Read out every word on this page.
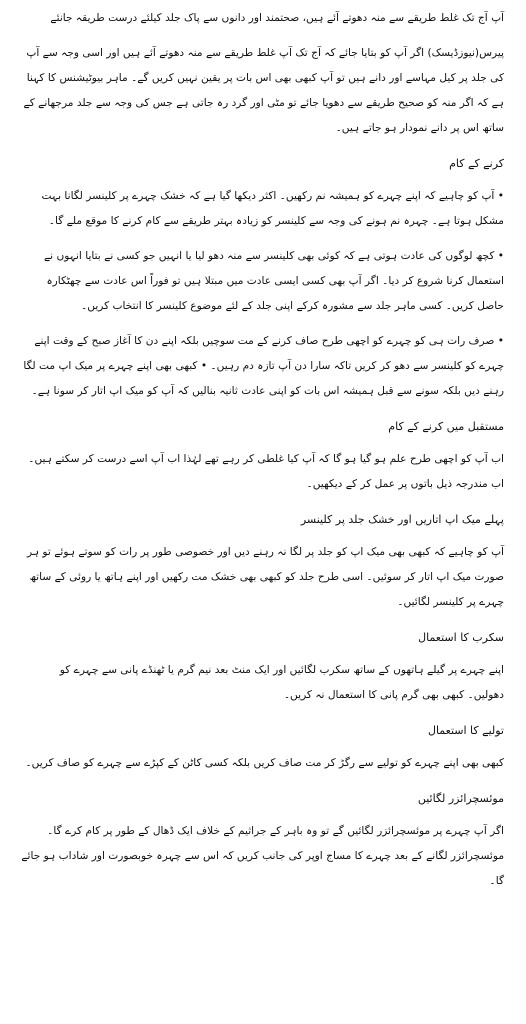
آپ آج تک غلط طریقے سے منہ دھوتے آئے ہیں، صحتمند اور دانوں سے پاک جلد کیلئے درست طریقہ جانئے

پیرس(نیوزڈیسک) اگر آپ کو بتایا جائے کہ آج تک آپ غلط طریقے سے منہ دھوتے آئے ہیں اور اسی وجہ سے آپ کی جلد پر کیل مہاسے اور دانے ہیں تو آپ کبھی بھی اس بات پر یقین نہیں کریں گے۔ ماہر بیوٹیشنس کا کہنا ہے کہ اگر منہ کو صحیح طریقے سے دھویا جائے تو مٹی اور گرد رہ جاتی ہے جس کی وجہ سے جلد مرجھانے کے ساتھ اس پر دانے نمودار ہو جاتے ہیں۔

کرنے کے کام

• آپ کو چاہیے کہ اپنے چہرے کو ہمیشہ نم رکھیں۔ اکثر دیکھا گیا ہے کہ خشک چہرے پر کلینسر لگانا بہت مشکل ہوتا ہے۔ چہرہ نم ہونے کی وجہ سے کلینسر کو زیادہ بہتر طریقے سے کام کرنے کا موقع ملے گا۔

• کچھ لوگوں کی عادت ہوتی ہے کہ کوئی بھی کلینسر سے منہ دھو لیا یا انہیں جو کسی نے بتایا انہوں نے استعمال کرنا شروع کر دیا۔ اگر آپ بھی کسی ایسی عادت میں مبتلا ہیں تو فوراً اس عادت سے چھٹکارہ حاصل کریں۔ کسی ماہر جلد سے مشورہ کرکے اپنی جلد کے لئے موضوع کلینسر کا انتخاب کریں۔

• صرف رات ہی کو چہرے کو اچھی طرح صاف کرنے کے مت سوچیں بلکہ اپنے دن کا آغاز صبح کے وقت اپنے چہرے کو کلینسر سے دھو کر کریں تاکہ سارا دن آپ تازہ دم رہیں۔ • کبھی بھی اپنے چہرے پر میک اپ مت لگا رہنے دیں بلکہ سونے سے قبل ہمیشہ اس بات کو اپنی عادت ثانیہ بنالیں کہ آپ کو میک اپ اتار کر سونا ہے۔

مستقبل میں کرنے کے کام

اب آپ کو اچھی طرح علم ہو گیا ہو گا کہ آپ کیا غلطی کر رہے تھے لہٰذا اب آپ اسے درست کر سکتے ہیں۔ اب مندرجہ ذیل باتوں پر عمل کر کے دیکھیں۔

پہلے میک اپ اتاریں اور خشک جلد پر کلینسر

آپ کو چاہیے کہ کبھی بھی میک اپ کو جلد پر لگا نہ رہنے دیں اور خصوصی طور پر رات کو سوتے ہوئے تو ہر صورت میک اپ اتار کر سوئیں۔ اسی طرح جلد کو کبھی بھی خشک مت رکھیں اور اپنے ہاتھ یا روئی کے ساتھ چہرے پر کلینسر لگائیں۔

سکرب کا استعمال

اپنے چہرے پر گیلے ہاتھوں کے ساتھ سکرب لگائیں اور ایک منٹ بعد نیم گرم یا ٹھنڈے پانی سے چہرے کو دھولیں۔ کبھی بھی گرم پانی کا استعمال نہ کریں۔

تولیے کا استعمال

کبھی بھی اپنے چہرے کو تولیے سے رگڑ کر مت صاف کریں بلکہ کسی کاٹن کے کپڑے سے چہرے کو صاف کریں۔

موئسچرائزر لگائیں

اگر آپ چہرے پر موئسچرائزر لگائیں گے تو وہ باہر کے جراثیم کے خلاف ایک ڈھال کے طور پر کام کرے گا۔ موئسچرائزر لگانے کے بعد چہرے کا مساج اوپر کی جانب کریں کہ اس سے چہرہ خوبصورت اور شاداب ہو جائے گا۔
